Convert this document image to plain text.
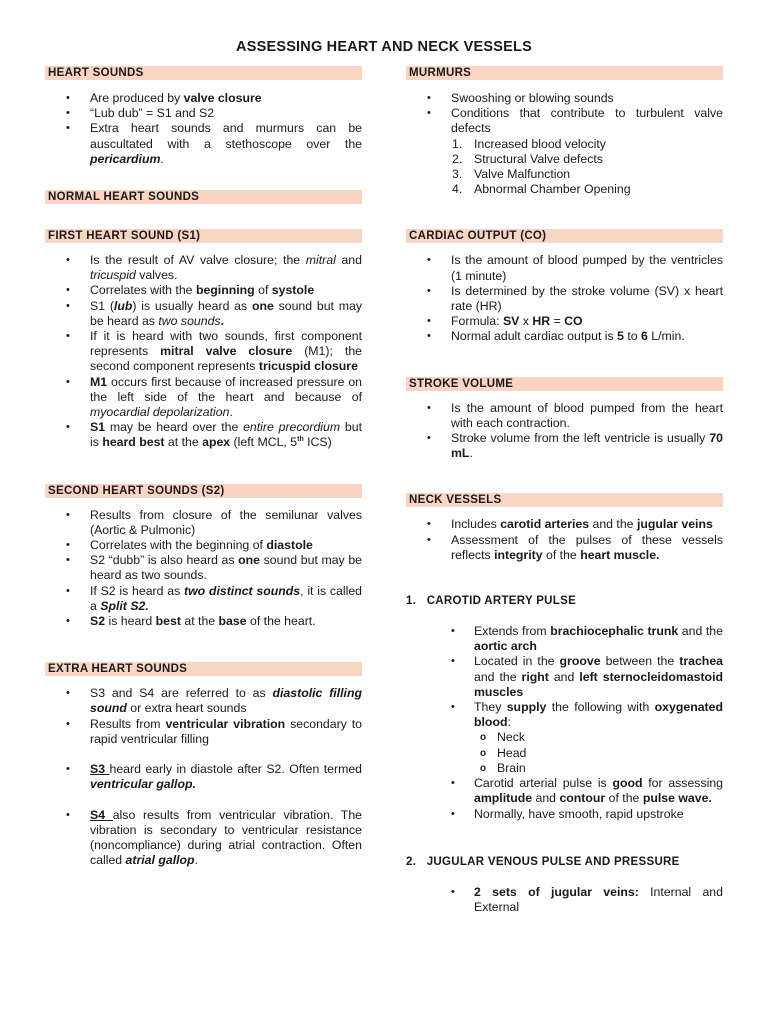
ASSESSING HEART AND NECK VESSELS
HEART SOUNDS
• Are produced by valve closure
• “Lub dub” = S1 and S2
• Extra heart sounds and murmurs can be auscultated with a stethoscope over the pericardium.
NORMAL HEART SOUNDS
FIRST HEART SOUND (S1)
• Is the result of AV valve closure; the mitral and tricuspid valves.
• Correlates with the beginning of systole
• S1 (lub) is usually heard as one sound but may be heard as two sounds.
• If it is heard with two sounds, first component represents mitral valve closure (M1); the second component represents tricuspid closure
• M1 occurs first because of increased pressure on the left side of the heart and because of myocardial depolarization.
• S1 may be heard over the entire precordium but is heard best at the apex (left MCL, 5th ICS)
SECOND HEART SOUNDS (S2)
• Results from closure of the semilunar valves (Aortic & Pulmonic)
• Correlates with the beginning of diastole
• S2 “dubb” is also heard as one sound but may be heard as two sounds.
• If S2 is heard as two distinct sounds, it is called a Split S2.
• S2 is heard best at the base of the heart.
EXTRA HEART SOUNDS
• S3 and S4 are referred to as diastolic filling sound or extra heart sounds
• Results from ventricular vibration secondary to rapid ventricular filling
• S3 heard early in diastole after S2. Often termed ventricular gallop.
• S4 also results from ventricular vibration. The vibration is secondary to ventricular resistance (noncompliance) during atrial contraction. Often called atrial gallop.
MURMURS
• Swooshing or blowing sounds
• Conditions that contribute to turbulent valve defects
1. Increased blood velocity
2. Structural Valve defects
3. Valve Malfunction
4. Abnormal Chamber Opening
CARDIAC OUTPUT (CO)
• Is the amount of blood pumped by the ventricles (1 minute)
• Is determined by the stroke volume (SV) x heart rate (HR)
• Formula: SV x HR = CO
• Normal adult cardiac output is 5 to 6 L/min.
STROKE VOLUME
• Is the amount of blood pumped from the heart with each contraction.
• Stroke volume from the left ventricle is usually 70 mL.
NECK VESSELS
• Includes carotid arteries and the jugular veins
• Assessment of the pulses of these vessels reflects integrity of the heart muscle.
1. CAROTID ARTERY PULSE
• Extends from brachiocephalic trunk and the aortic arch
• Located in the groove between the trachea and the right and left sternocleidomastoid muscles
• They supply the following with oxygenated blood:
o Neck
o Head
o Brain
• Carotid arterial pulse is good for assessing amplitude and contour of the pulse wave.
• Normally, have smooth, rapid upstroke
2. JUGULAR VENOUS PULSE AND PRESSURE
• 2 sets of jugular veins: Internal and External
